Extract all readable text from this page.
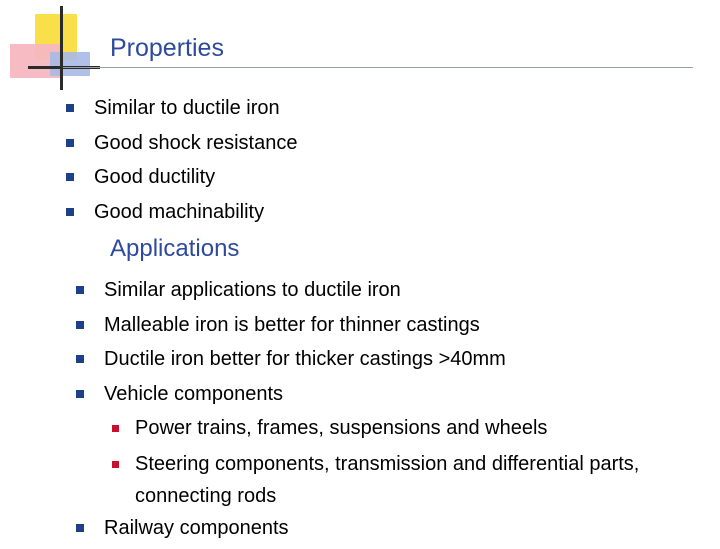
Properties
Similar to ductile iron
Good shock resistance
Good ductility
Good machinability
Applications
Similar applications to ductile iron
Malleable iron is better for thinner castings
Ductile iron better for thicker castings >40mm
Vehicle components
Power trains, frames, suspensions and wheels
Steering components, transmission and differential parts, connecting rods
Railway components
